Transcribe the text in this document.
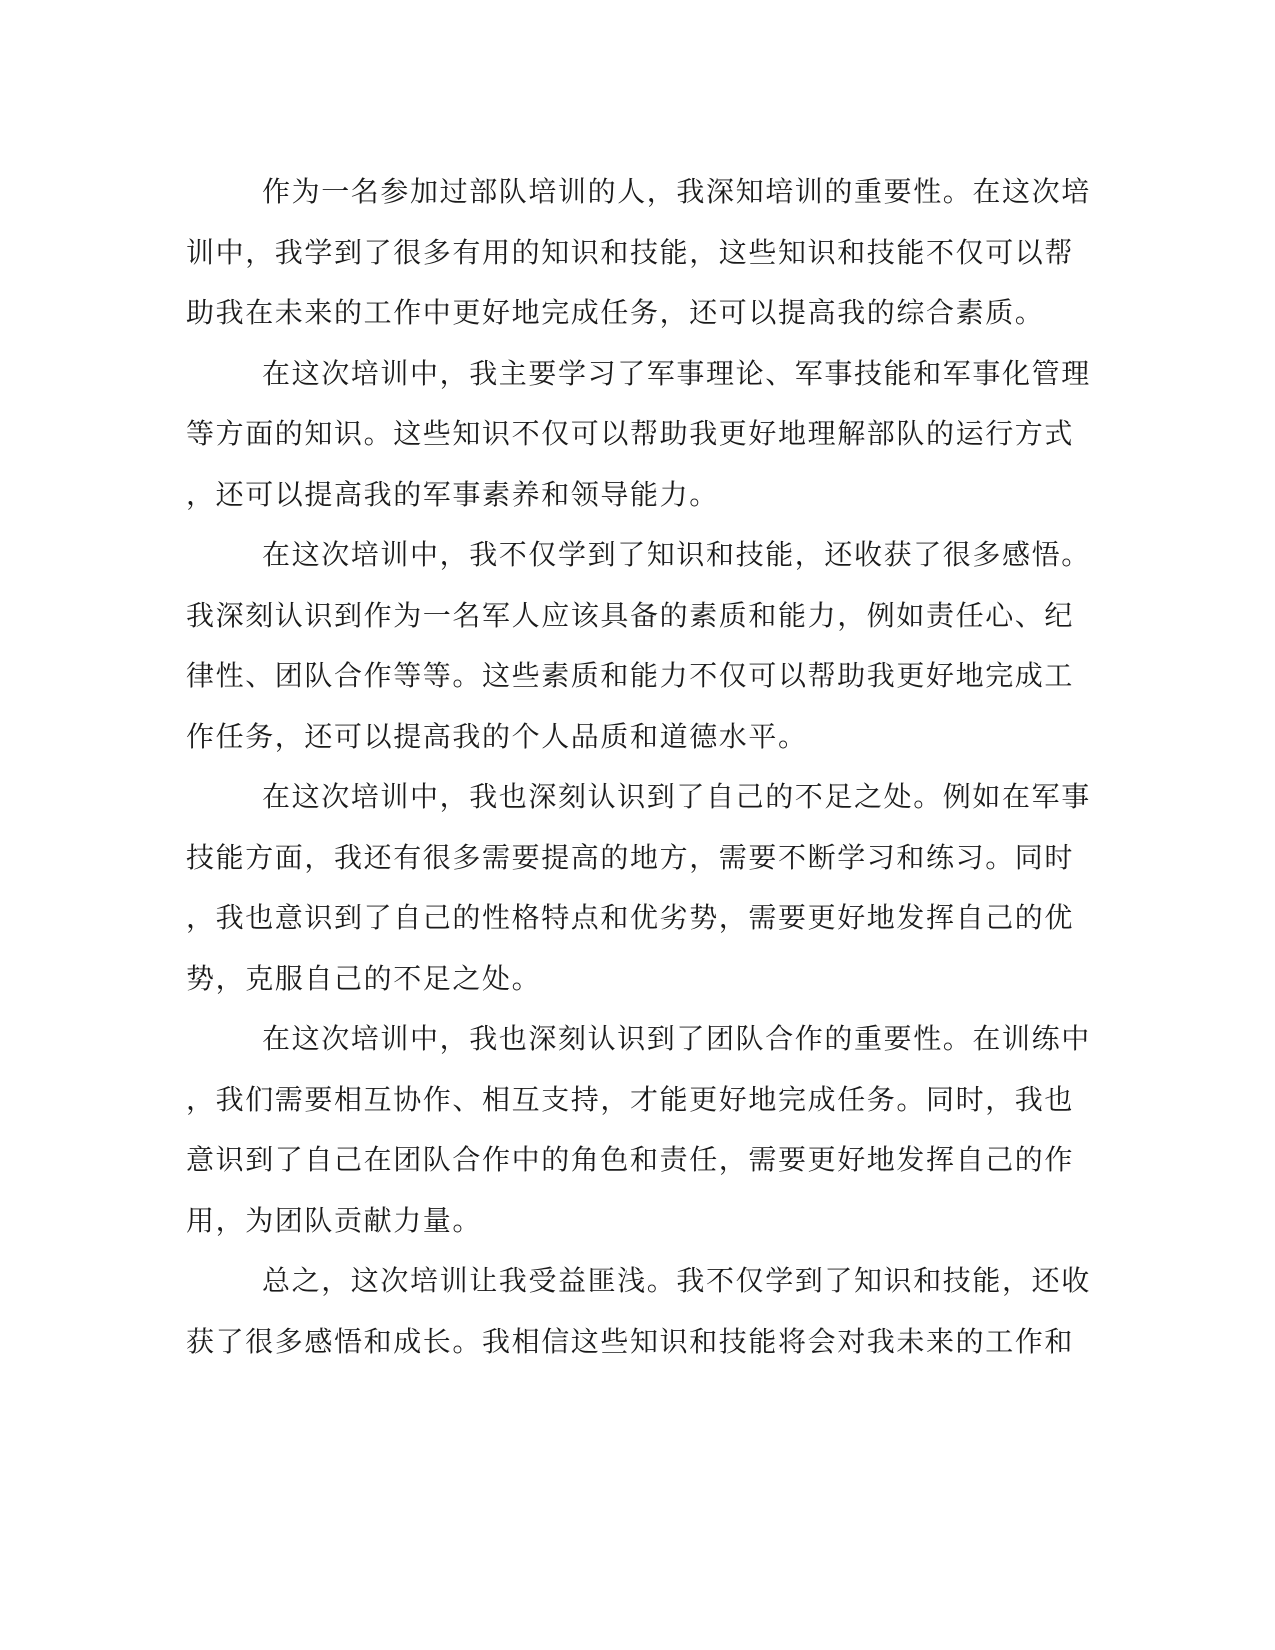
作为一名参加过部队培训的人，我深知培训的重要性。在这次培
训中，我学到了很多有用的知识和技能，这些知识和技能不仅可以帮
助我在未来的工作中更好地完成任务，还可以提高我的综合素质。
在这次培训中，我主要学习了军事理论、军事技能和军事化管理
等方面的知识。这些知识不仅可以帮助我更好地理解部队的运行方式
，还可以提高我的军事素养和领导能力。
在这次培训中，我不仅学到了知识和技能，还收获了很多感悟。
我深刻认识到作为一名军人应该具备的素质和能力，例如责任心、纪
律性、团队合作等等。这些素质和能力不仅可以帮助我更好地完成工
作任务，还可以提高我的个人品质和道德水平。
在这次培训中，我也深刻认识到了自己的不足之处。例如在军事
技能方面，我还有很多需要提高的地方，需要不断学习和练习。同时
，我也意识到了自己的性格特点和优劣势，需要更好地发挥自己的优
势，克服自己的不足之处。
在这次培训中，我也深刻认识到了团队合作的重要性。在训练中
，我们需要相互协作、相互支持，才能更好地完成任务。同时，我也
意识到了自己在团队合作中的角色和责任，需要更好地发挥自己的作
用，为团队贡献力量。
总之，这次培训让我受益匪浅。我不仅学到了知识和技能，还收
获了很多感悟和成长。我相信这些知识和技能将会对我未来的工作和
